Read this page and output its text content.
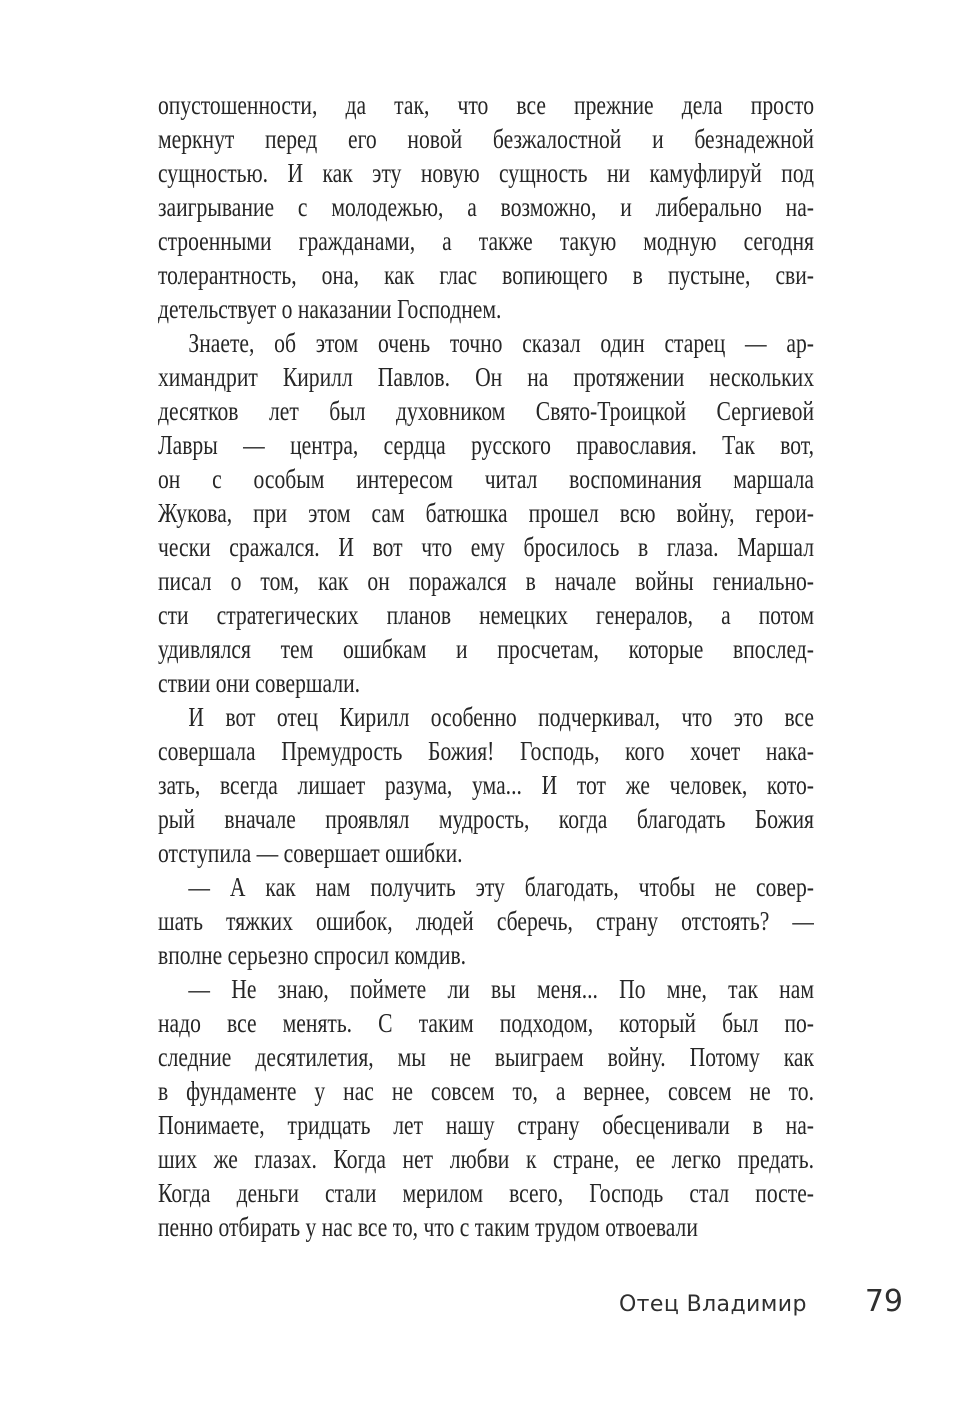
опустошенности, да так, что все прежние дела просто
меркнут перед его новой безжалостной и безнадежной
сущностью. И как эту новую сущность ни камуфлируй под
заигрывание с молодежью, а возможно, и либерально на-
строенными гражданами, а также такую модную сегодня
толерантность, она, как глас вопиющего в пустыне, сви-
детельствует о наказании Господнем.
Знаете, об этом очень точно сказал один старец — ар-
химандрит Кирилл Павлов. Он на протяжении нескольких
десятков лет был духовником Свято-Троицкой Сергиевой
Лавры — центра, сердца русского православия. Так вот,
он с особым интересом читал воспоминания маршала
Жукова, при этом сам батюшка прошел всю войну, герои-
чески сражался. И вот что ему бросилось в глаза. Маршал
писал о том, как он поражался в начале войны гениально-
сти стратегических планов немецких генералов, а потом
удивлялся тем ошибкам и просчетам, которые впослед-
ствии они совершали.
И вот отец Кирилл особенно подчеркивал, что это все
совершала Премудрость Божия! Господь, кого хочет нака-
зать, всегда лишает разума, ума... И тот же человек, кото-
рый вначале проявлял мудрость, когда благодать Божия
отступила — совершает ошибки.
— А как нам получить эту благодать, чтобы не совер-
шать тяжких ошибок, людей сберечь, страну отстоять? —
вполне серьезно спросил комдив.
— Не знаю, поймете ли вы меня... По мне, так нам
надо все менять. С таким подходом, который был по-
следние десятилетия, мы не выиграем войну. Потому как
в фундаменте у нас не совсем то, а вернее, совсем не то.
Понимаете, тридцать лет нашу страну обесценивали в на-
ших же глазах. Когда нет любви к стране, ее легко предать.
Когда деньги стали мерилом всего, Господь стал посте-
пенно отбирать у нас все то, что с таким трудом отвоевали
Отец Владимир 79
